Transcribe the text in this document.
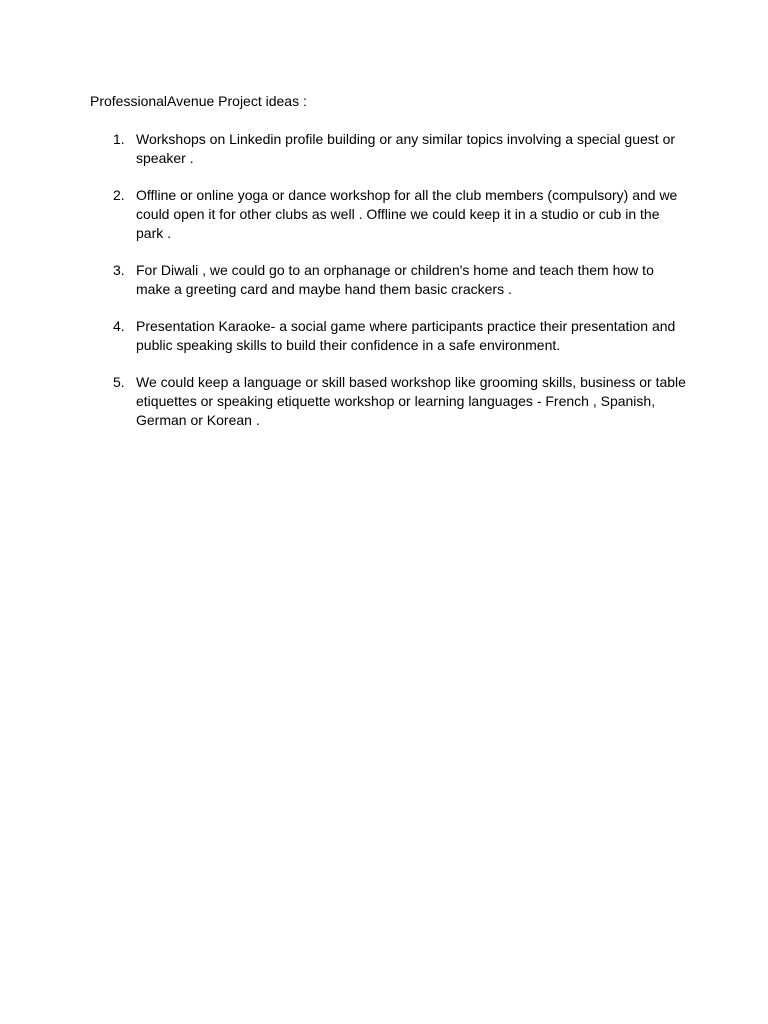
ProfessionalAvenue Project ideas :
1. Workshops on Linkedin profile building or any similar topics involving a special guest or speaker .
2. Offline or online yoga or dance workshop for all the club members (compulsory) and we could open it for other clubs as well . Offline we could keep it in a studio or cub in the park .
3. For Diwali , we could go to an orphanage or children's home and teach them how to make a greeting card and maybe hand them basic crackers .
4. Presentation Karaoke- a social game where participants practice their presentation and public speaking skills to build their confidence in a safe environment.
5. We could keep a language or skill based workshop like grooming skills, business or table etiquettes or speaking etiquette workshop or learning languages - French , Spanish, German or Korean .
